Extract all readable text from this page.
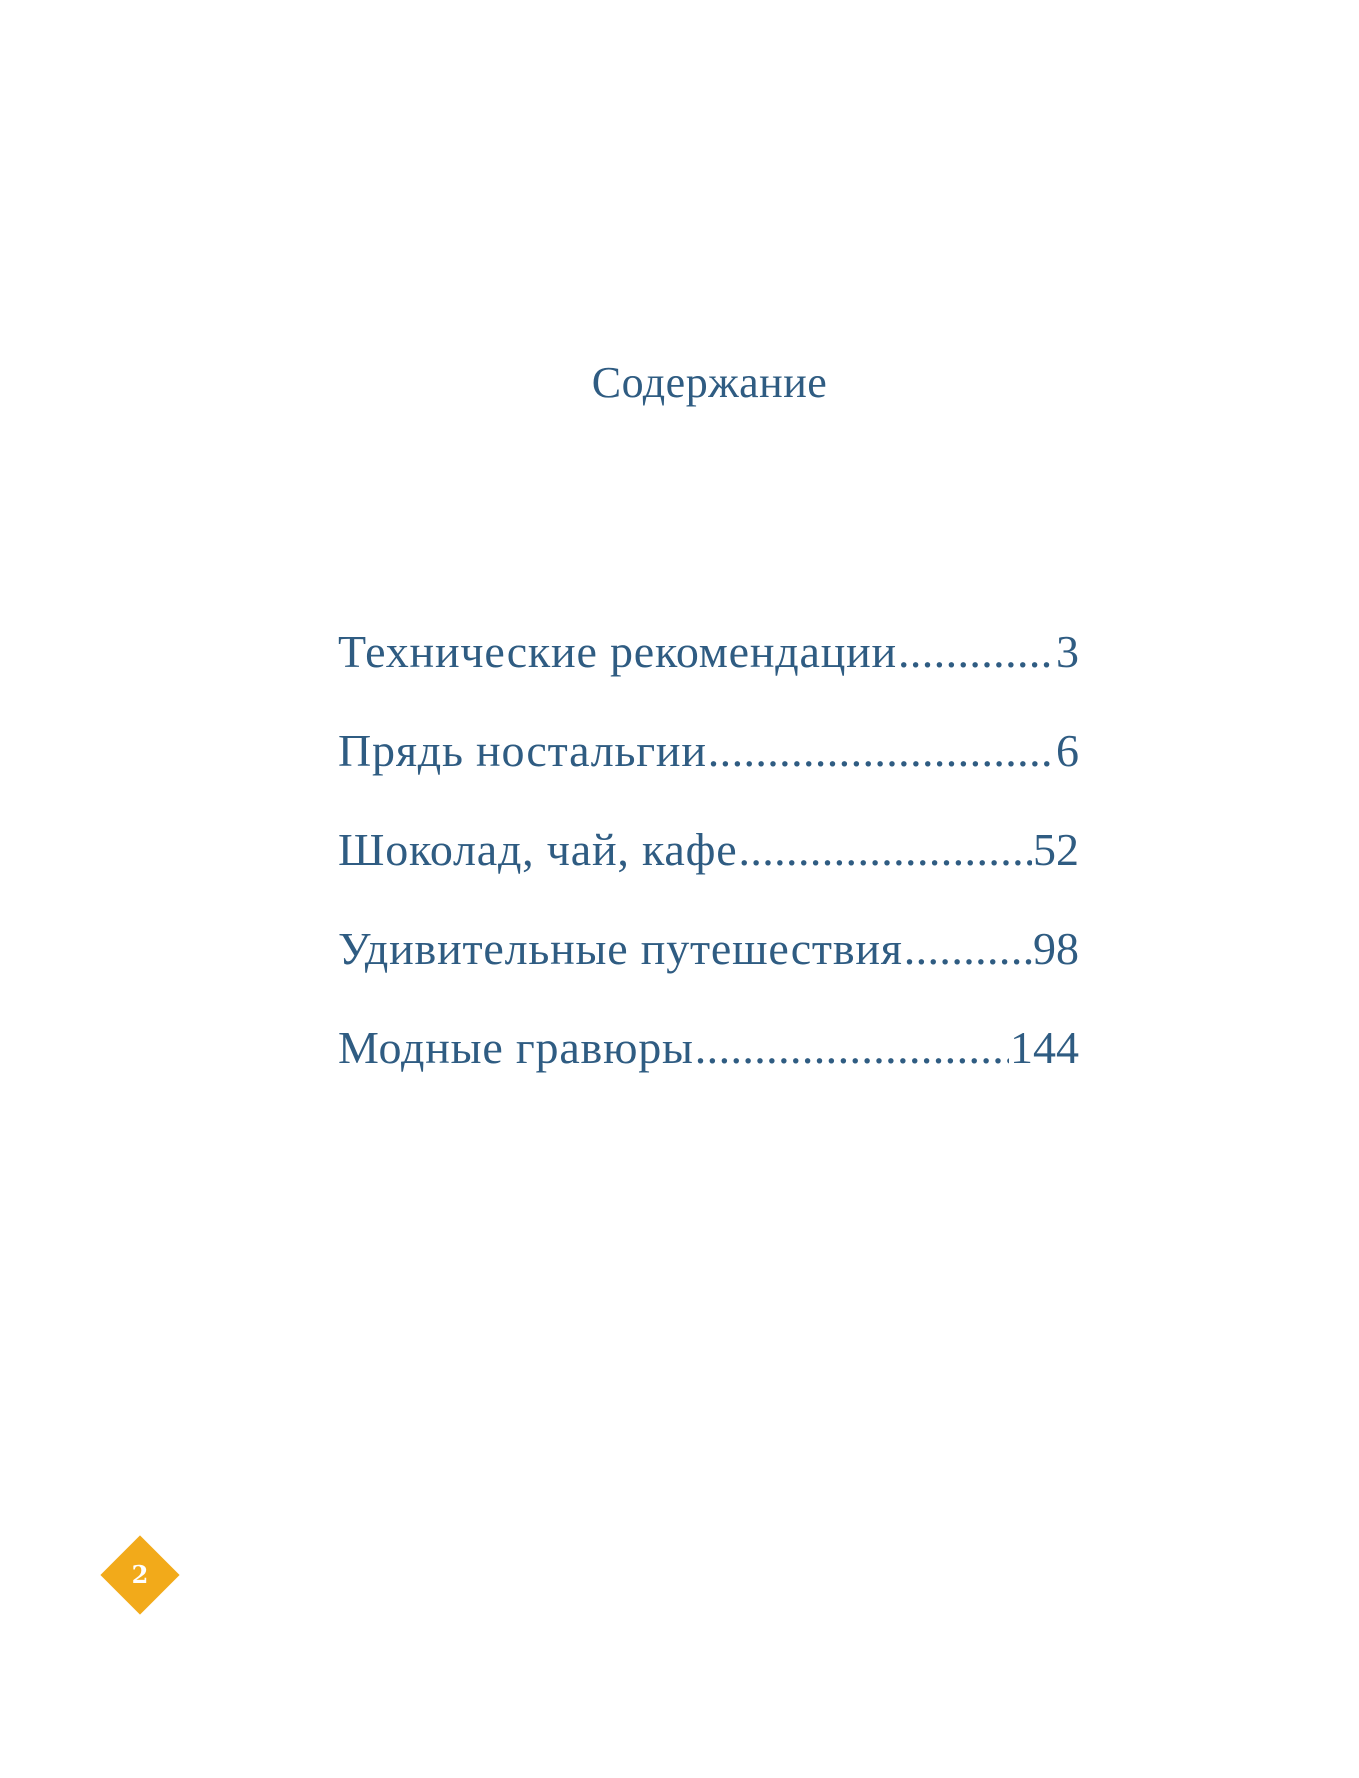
Содержание
Технические рекомендации .....	3
Прядь ностальгии .....	6
Шоколад, чай, кафе .....	52
Удивительные путешествия .....	98
Модные гравюры .....	144
2
